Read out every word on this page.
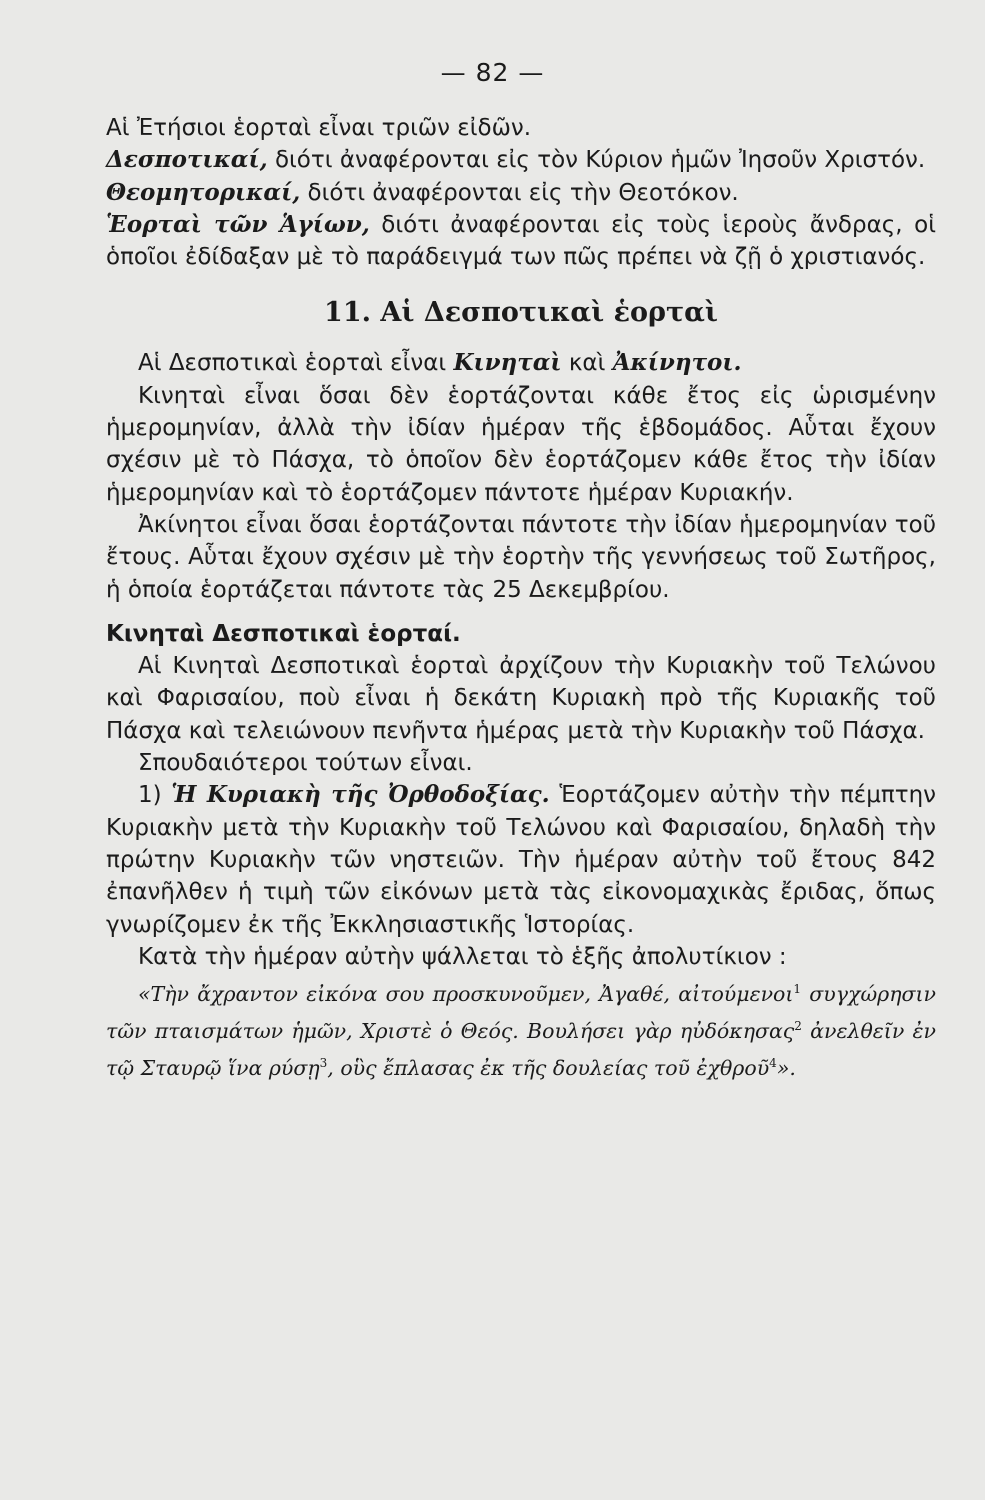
— 82 —

Αἱ Ἐτήσιοι ἑορταὶ εἶναι τριῶν εἰδῶν.

Δεσποτικαί, διότι ἀναφέρονται εἰς τὸν Κύριον ἡμῶν Ἰησοῦν Χριστόν.

Θεομητορικαί, διότι ἀναφέρονται εἰς τὴν Θεοτόκον.

Ἑορταὶ τῶν Ἁγίων, διότι ἀναφέρονται εἰς τοὺς ἱεροὺς ἄνδρας, οἱ ὁποῖοι ἐδίδαξαν μὲ τὸ παράδειγμά των πῶς πρέπει νὰ ζῇ ὁ χριστιανός.

11. Αἱ Δεσποτικαὶ ἑορταὶ

Αἱ Δεσποτικαὶ ἑορταὶ εἶναι Κινηταὶ καὶ Ἀκίνητοι.

Κινηταὶ εἶναι ὅσαι δὲν ἑορτάζονται κάθε ἔτος εἰς ὡρισμένην ἡμερομηνίαν, ἀλλὰ τὴν ἰδίαν ἡμέραν τῆς ἑβδομάδος. Αὗται ἔχουν σχέσιν μὲ τὸ Πάσχα, τὸ ὁποῖον δὲν ἑορτάζομεν κάθε ἔτος τὴν ἰδίαν ἡμερομηνίαν καὶ τὸ ἑορτάζομεν πάντοτε ἡμέραν Κυριακήν.

Ἀκίνητοι εἶναι ὅσαι ἑορτάζονται πάντοτε τὴν ἰδίαν ἡμερομηνίαν τοῦ ἔτους. Αὗται ἔχουν σχέσιν μὲ τὴν ἑορτὴν τῆς γεννήσεως τοῦ Σωτῆρος, ἡ ὁποία ἑορτάζεται πάντοτε τὰς 25 Δεκεμβρίου.

Κινηταὶ Δεσποτικαὶ ἑορταί.

Αἱ Κινηταὶ Δεσποτικαὶ ἑορταὶ ἀρχίζουν τὴν Κυριακὴν τοῦ Τελώνου καὶ Φαρισαίου, ποὺ εἶναι ἡ δεκάτη Κυριακὴ πρὸ τῆς Κυριακῆς τοῦ Πάσχα καὶ τελειώνουν πενῆντα ἡμέρας μετὰ τὴν Κυριακὴν τοῦ Πάσχα.

Σπουδαιότεροι τούτων εἶναι.

1) Ἡ Κυριακὴ τῆς Ὀρθοδοξίας. Ἑορτάζομεν αὐτὴν τὴν πέμπτην Κυριακὴν μετὰ τὴν Κυριακὴν τοῦ Τελώνου καὶ Φαρισαίου, δηλαδὴ τὴν πρώτην Κυριακὴν τῶν νηστειῶν. Τὴν ἡμέραν αὐτὴν τοῦ ἔτους 842 ἐπανῆλθεν ἡ τιμὴ τῶν εἰκόνων μετὰ τὰς εἰκονομαχικὰς ἔριδας, ὅπως γνωρίζομεν ἐκ τῆς Ἐκκλησιαστικῆς Ἱστορίας.

Κατὰ τὴν ἡμέραν αὐτὴν ψάλλεται τὸ ἑξῆς ἀπολυτίκιον :

«Τὴν ἄχραντον εἰκόνα σου προσκυνοῦμεν, Ἀγαθέ, αἰτούμενοι$^1$ συγχώρησιν τῶν πταισμάτων ἡμῶν, Χριστὲ ὁ Θεός. Βουλήσει γὰρ ηὐδόκησας$^2$ ἀνελθεῖν ἐν τῷ Σταυρῷ ἵνα ρύσῃ$^3$, οὓς ἔπλασας ἐκ τῆς δουλείας τοῦ ἐχθροῦ$^4$».
